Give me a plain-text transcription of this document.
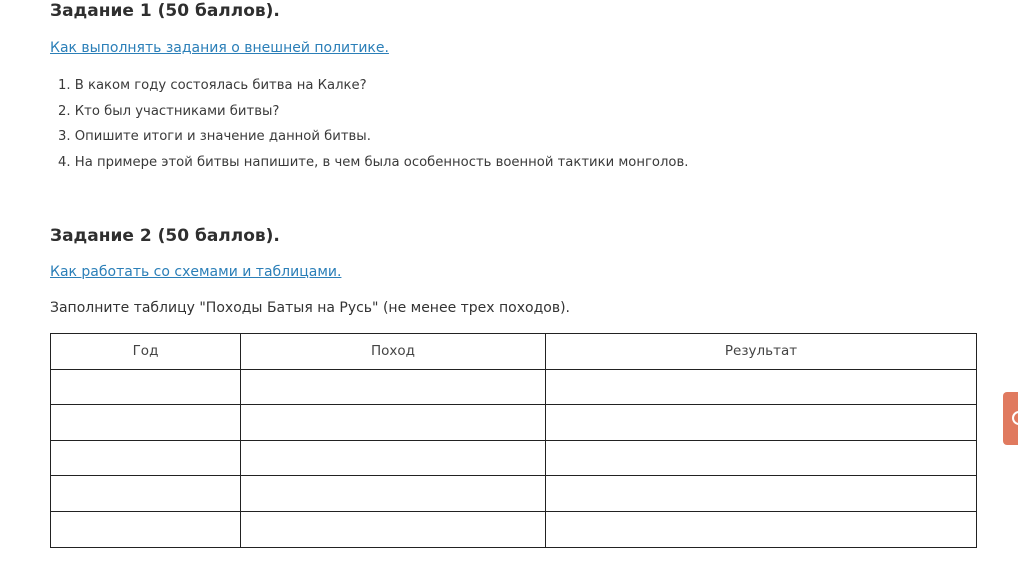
Задание 1 (50 баллов).
Как выполнять задания о внешней политике.
1. В каком году состоялась битва на Калке?
2. Кто был участниками битвы?
3. Опишите итоги и значение данной битвы.
4. На примере этой битвы напишите, в чем была особенность военной тактики монголов.
Задание 2 (50 баллов).
Как работать со схемами и таблицами.
Заполните таблицу "Походы Батыя на Русь" (не менее трех походов).
Год	Поход	Результат
